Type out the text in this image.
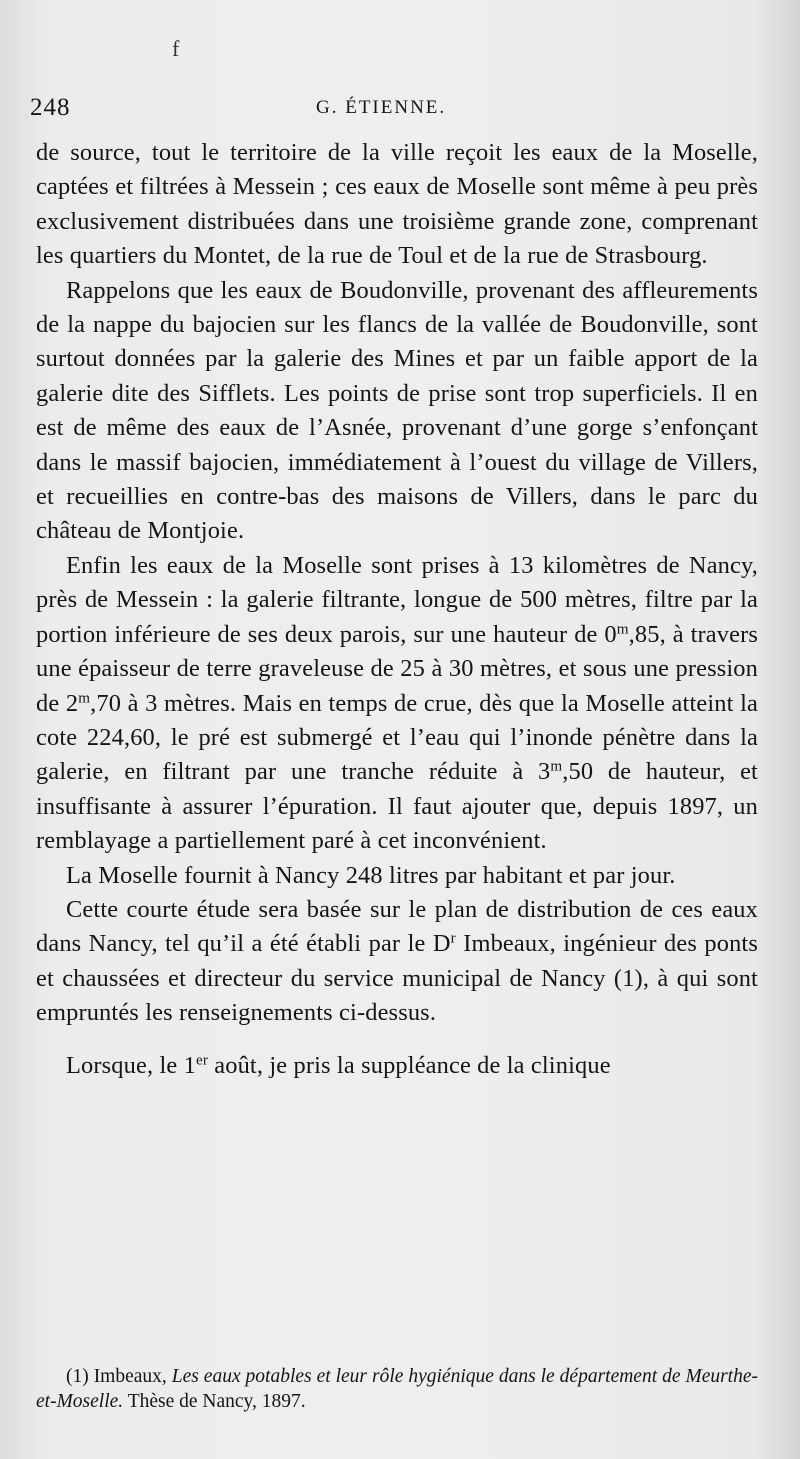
f
248	G. ÉTIENNE.

de source, tout le territoire de la ville reçoit les eaux de la Moselle, captées et filtrées à Messein ; ces eaux de Moselle sont même à peu près exclusivement distribuées dans une troisième grande zone, comprenant les quartiers du Montet, de la rue de Toul et de la rue de Strasbourg.

Rappelons que les eaux de Boudonville, provenant des affleurements de la nappe du bajocien sur les flancs de la vallée de Boudonville, sont surtout données par la galerie des Mines et par un faible apport de la galerie dite des Sifflets. Les points de prise sont trop superficiels. Il en est de même des eaux de l’Asnée, provenant d’une gorge s’enfonçant dans le massif bajocien, immédiatement à l’ouest du village de Villers, et recueillies en contre-bas des maisons de Villers, dans le parc du château de Montjoie.

Enfin les eaux de la Moselle sont prises à 13 kilomètres de Nancy, près de Messein : la galerie filtrante, longue de 500 mètres, filtre par la portion inférieure de ses deux parois, sur une hauteur de 0$^m$,85, à travers une épaisseur de terre graveleuse de 25 à 30 mètres, et sous une pression de 2$^m$,70 à 3 mètres. Mais en temps de crue, dès que la Moselle atteint la cote 224,60, le pré est submergé et l’eau qui l’inonde pénètre dans la galerie, en filtrant par une tranche réduite à 3$^m$,50 de hauteur, et insuffisante à assurer l’épuration. Il faut ajouter que, depuis 1897, un remblayage a partiellement paré à cet inconvénient.

La Moselle fournit à Nancy 248 litres par habitant et par jour.

Cette courte étude sera basée sur le plan de distribution de ces eaux dans Nancy, tel qu’il a été établi par le $D^r$ Imbeaux, ingénieur des ponts et chaussées et directeur du service municipal de Nancy (1), à qui sont empruntés les renseignements ci-dessus.

Lorsque, le 1er août, je pris la suppléance de la clinique

(1) Imbeaux, Les eaux potables et leur rôle hygiénique dans le département de Meurthe-et-Moselle. Thèse de Nancy, 1897.
